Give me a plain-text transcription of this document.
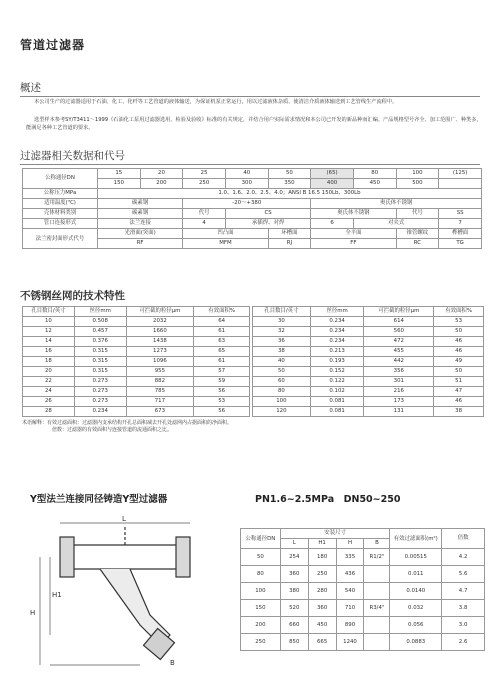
管道过滤器
概述
本公司生产的过滤器适用于石油、化工、化纤等工艺管道的液体输送，为保证机泵正常运行，用以过滤液体杂质，使清洁介质液体输送到工艺管线生产流程中。
选型样本参考SY/T3411～1999《石油化工泵用过滤器选用、检验及验收》标准的有关规定，并结合用户实际需求情况和本公司已开发的新品种而汇编。产品规格型号齐全、加工范围广、种类多，能满足各种工艺管道的要求。
过滤器相关数据和代号
公称通径DN	15	20	25	40	50	(65)	80	100	(125)
	150	200	250	300	350	400	450	500	
公称压力MPa	1.0、1.6、2.0、2.5、4.0；ANSI B 16.5 150Lb、300Lb								
适用温度(℃)	碳素钢		-20～+380			奥氏体不锈钢			
壳体材料类别	碳素钢		代号	CS		奥氏体不锈钢		代号	SS
管口连接形式	法兰连接		4	承插焊、对焊		6	对夹式		7
法兰密封面形式代号	光滑面(突面)		凹凸面		环槽面	全平面		锥管螺纹	榫槽面
	RF		MFM		RJ	FF		RC	TG
不锈钢丝网的技术特性
孔目数目/英寸	丝径mm	可拦截的粒径μm	有效面积%
10	0.508	2032	64
12	0.457	1660	61
14	0.376	1438	63
16	0.315	1273	65
18	0.315	1096	61
20	0.315	955	57
22	0.273	882	59
24	0.273	785	56
26	0.273	717	53
28	0.234	673	56
孔目数目/英寸	丝径mm	可拦截的粒径μm	有效面积%
30	0.234	614	53
32	0.234	560	50
36	0.234	472	46
38	0.213	455	46
40	0.193	442	49
50	0.152	356	50
60	0.122	301	51
80	0.102	216	47
100	0.081	173	46
120	0.081	131	38
术语解释：有效过滤面积：过滤器内支承结构开孔总面积减去开孔处滤网内占据面积的净面积。
倍数：过滤器的有效面积与连接管道的流通面积之比。
Y型法兰连接同径铸造Y型过滤器	PN1.6~2.5MPa　DN50~250
L
H
H1
B
公称通径DN	安装尺寸				有效过滤面积(m²)	倍数
	L	H1	H	B		
50	254	180	335	R1/2"	0.00515	4.2
80	360	250	436		0.011	5.6
100	380	280	540		0.0140	4.7
150	520	360	710	R3/4"	0.032	3.8
200	660	450	890		0.056	3.0
250	850	665	1240		0.0883	2.6
